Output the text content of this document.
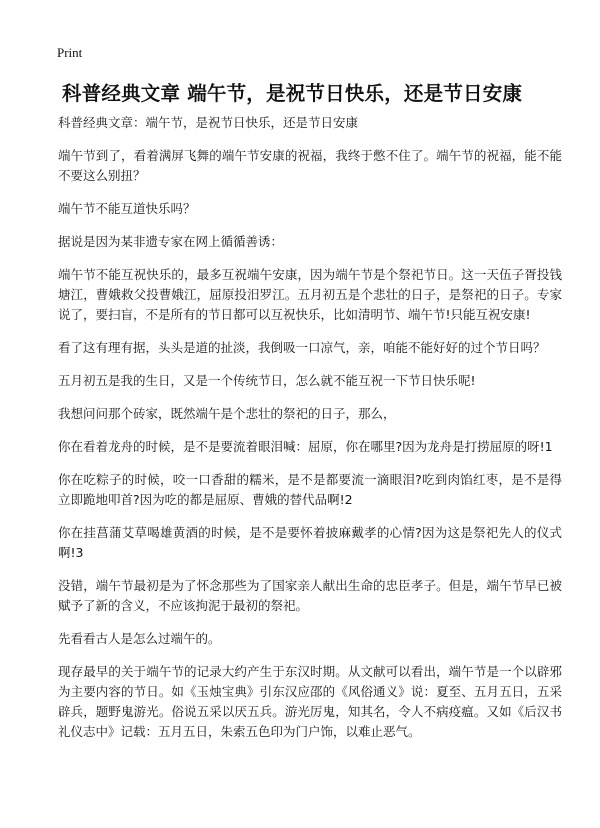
Print
科普经典文章 端午节，是祝节日快乐，还是节日安康

科普经典文章：端午节，是祝节日快乐，还是节日安康

端午节到了，看着满屏飞舞的端午节安康的祝福，我终于憋不住了。端午节的祝福，能不能不要这么别扭？

端午节不能互道快乐吗？

据说是因为某非遗专家在网上循循善诱：

端午节不能互祝快乐的，最多互祝端午安康，因为端午节是个祭祀节日。这一天伍子胥投钱塘江，曹娥救父投曹娥江，屈原投汨罗江。五月初五是个悲壮的日子，是祭祀的日子。专家说了，要扫盲，不是所有的节日都可以互祝快乐，比如清明节、端午节!只能互祝安康!

看了这有理有据，头头是道的扯淡，我倒吸一口凉气，亲，咱能不能好好的过个节日吗？

五月初五是我的生日，又是一个传统节日，怎么就不能互祝一下节日快乐呢!

我想问问那个砖家，既然端午是个悲壮的祭祀的日子，那么，

你在看着龙舟的时候，是不是要流着眼泪喊：屈原，你在哪里?因为龙舟是打捞屈原的呀!1

你在吃粽子的时候，咬一口香甜的糯米，是不是都要流一滴眼泪?吃到肉馅红枣，是不是得立即跪地叩首?因为吃的都是屈原、曹娥的替代品啊!2

你在挂菖蒲艾草喝雄黄酒的时候，是不是要怀着披麻戴孝的心情?因为这是祭祀先人的仪式啊!3

没错，端午节最初是为了怀念那些为了国家亲人献出生命的忠臣孝子。但是，端午节早已被赋予了新的含义，不应该拘泥于最初的祭祀。

先看看古人是怎么过端午的。

现存最早的关于端午节的记录大约产生于东汉时期。从文献可以看出，端午节是一个以辟邪为主要内容的节日。如《玉烛宝典》引东汉应邵的《风俗通义》说：夏至、五月五日，五采辟兵，题野鬼游光。俗说五采以厌五兵。游光厉鬼，知其名，令人不病疫瘟。又如《后汉书礼仪志中》记载：五月五日，朱索五色印为门户饰，以难止恶气。
